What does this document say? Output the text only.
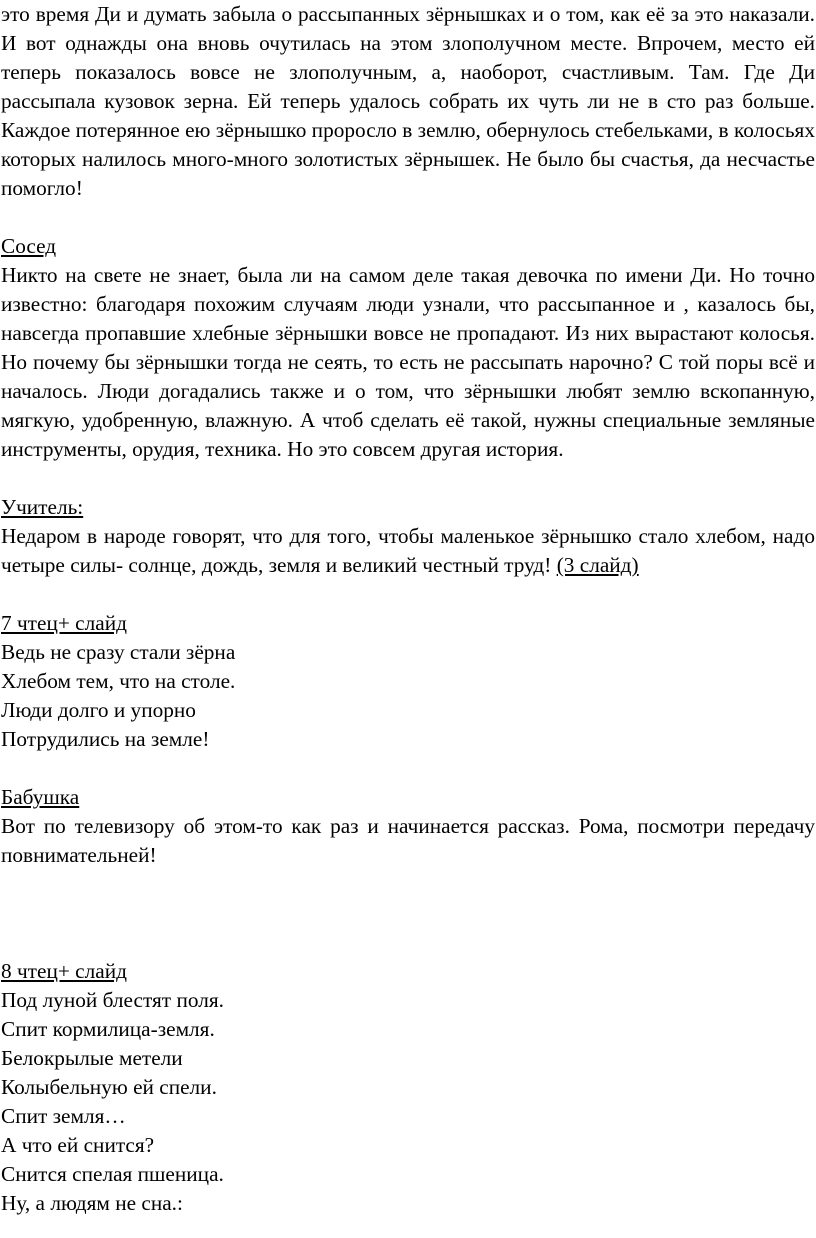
это время Ди и думать забыла о рассыпанных зёрнышках и о том, как её за это наказали. И вот однажды она вновь очутилась на этом злополучном месте. Впрочем, место ей теперь показалось вовсе не злополучным, а, наоборот, счастливым. Там. Где Ди рассыпала кузовок зерна. Ей теперь удалось собрать их чуть ли не в сто раз больше. Каждое потерянное ею зёрнышко проросло в землю, обернулось стебельками, в колосьях которых налилось много-много золотистых зёрнышек. Не было бы счастья, да несчастье помогло!

Сосед

Никто на свете не знает, была ли на самом деле такая девочка по имени Ди. Но точно известно: благодаря похожим случаям люди узнали, что рассыпанное и , казалось бы, навсегда пропавшие хлебные зёрнышки вовсе не пропадают. Из них вырастают колосья. Но почему бы зёрнышки тогда не сеять, то есть не рассыпать нарочно? С той поры всё и началось. Люди догадались также и о том, что зёрнышки любят землю вскопанную, мягкую, удобренную, влажную. А чтоб сделать её такой, нужны специальные земляные инструменты, орудия, техника. Но это совсем другая история.

Учитель:

Недаром в народе говорят, что для того, чтобы маленькое зёрнышко стало хлебом, надо четыре силы- солнце, дождь, земля и великий честный труд! (3 слайд)

7 чтец+ слайд
Ведь не сразу стали зёрна
Хлебом тем, что на столе.
Люди долго и упорно
Потрудились на земле!
Бабушка

Вот по телевизору об этом-то как раз и начинается рассказ. Рома, посмотри передачу повнимательней!

8 чтец+ слайд
Под луной блестят поля.
Спит кормилица-земля.
Белокрылые метели
Колыбельную ей спели.
Спит земля…
А что ей снится?
Снится спелая пшеница.
Ну, а людям не сна.:
